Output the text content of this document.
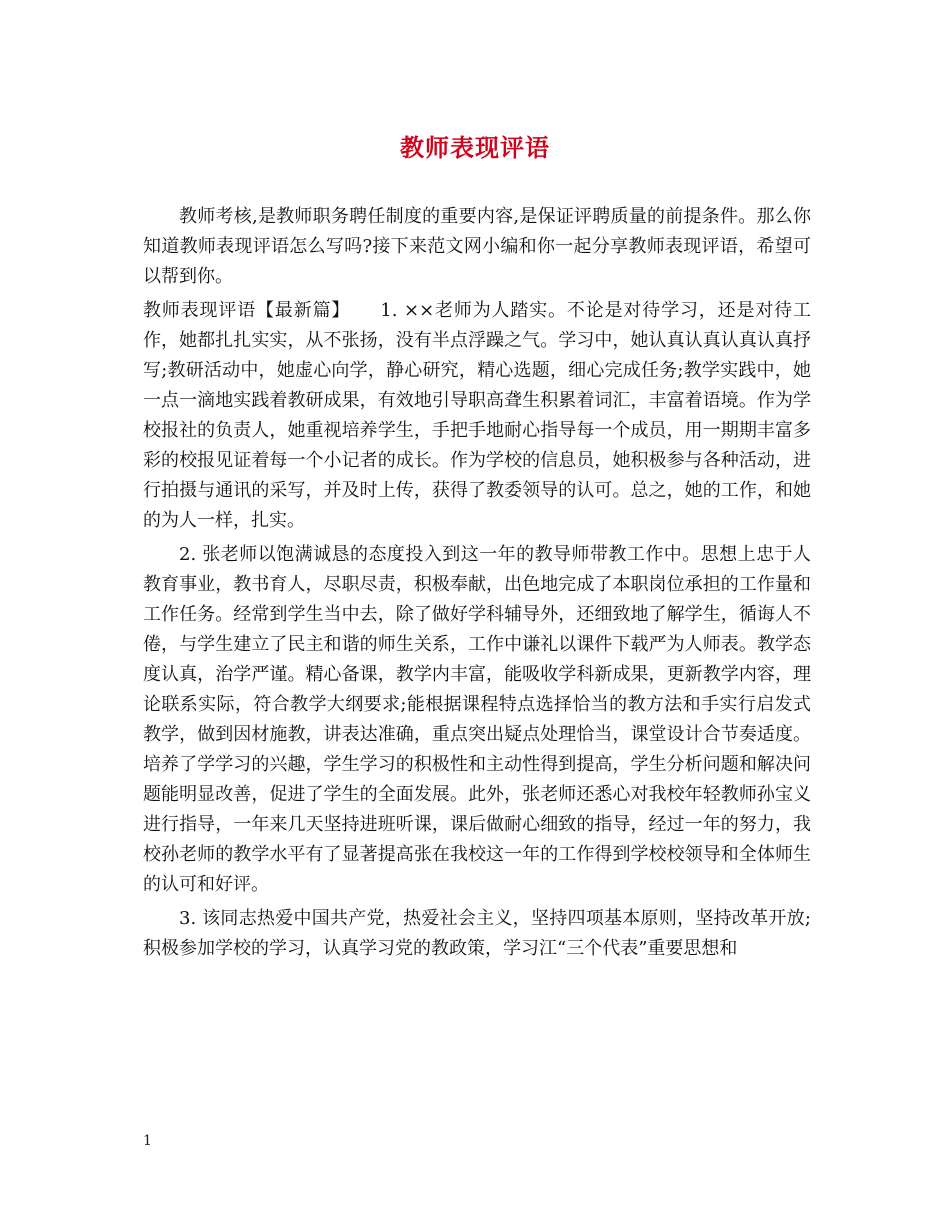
教师表现评语

教师考核,是教师职务聘任制度的重要内容,是保证评聘质量的前提条件。那么你知道教师表现评语怎么写吗?接下来范文网小编和你一起分享教师表现评语，希望可以帮到你。

教师表现评语【最新篇】 1. ××老师为人踏实。不论是对待学习，还是对待工作，她都扎扎实实，从不张扬，没有半点浮躁之气。学习中，她认真认真认真认真抒写;教研活动中，她虚心向学，静心研究，精心选题，细心完成任务;教学实践中，她一点一滴地实践着教研成果，有效地引导职高聋生积累着词汇，丰富着语境。作为学校报社的负责人，她重视培养学生，手把手地耐心指导每一个成员，用一期期丰富多彩的校报见证着每一个小记者的成长。作为学校的信息员，她积极参与各种活动，进行拍摄与通讯的采写，并及时上传，获得了教委领导的认可。总之，她的工作，和她的为人一样，扎实。

2. 张老师以饱满诚恳的态度投入到这一年的教导师带教工作中。思想上忠于人教育事业，教书育人，尽职尽责，积极奉献，出色地完成了本职岗位承担的工作量和工作任务。经常到学生当中去，除了做好学科辅导外，还细致地了解学生，循诲人不倦，与学生建立了民主和谐的师生关系，工作中谦礼以课件下载严为人师表。教学态度认真，治学严谨。精心备课，教学内丰富，能吸收学科新成果，更新教学内容，理论联系实际，符合教学大纲要求;能根据课程特点选择恰当的教方法和手实行启发式教学，做到因材施教，讲表达准确，重点突出疑点处理恰当，课堂设计合节奏适度。培养了学学习的兴趣，学生学习的积极性和主动性得到提高，学生分析问题和解决问题能明显改善，促进了学生的全面发展。此外，张老师还悉心对我校年轻教师孙宝义进行指导，一年来几天坚持进班听课，课后做耐心细致的指导，经过一年的努力，我校孙老师的教学水平有了显著提高张在我校这一年的工作得到学校校领导和全体师生的认可和好评。

3. 该同志热爱中国共产党，热爱社会主义，坚持四项基本原则，坚持改革开放;积极参加学校的学习，认真学习党的教政策，学习江“三个代表”重要思想和

1
